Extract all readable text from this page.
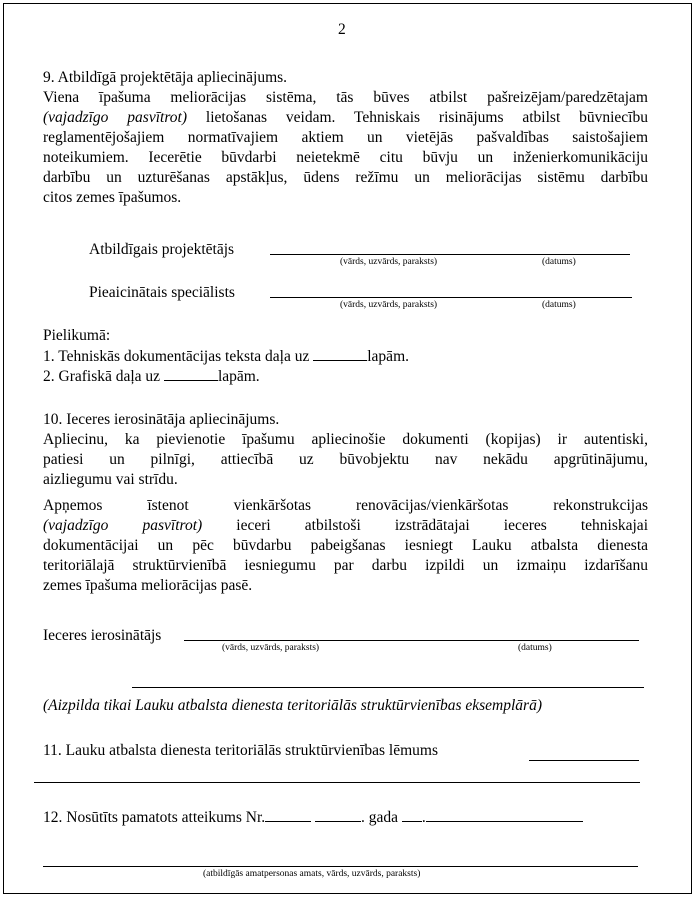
2
9. Atbildīgā projektētāja apliecinājums.
Viena īpašuma meliorācijas sistēma, tās būves atbilst pašreizējam/paredzētajam
(vajadzīgo pasvītrot) lietošanas veidam. Tehniskais risinājums atbilst būvniecību
reglamentējošajiem normatīvajiem aktiem un vietējās pašvaldības saistošajiem
noteikumiem. Iecerētie būvdarbi neietekmē citu būvju un inženierkomunikāciju
darbību un uzturēšanas apstākļus, ūdens režīmu un meliorācijas sistēmu darbību
citos zemes īpašumos.
Atbildīgais projektētājs
(vārds, uzvārds, paraksts)	(datums)
Pieaicinātais speciālists
(vārds, uzvārds, paraksts)	(datums)
Pielikumā:
1. Tehniskās dokumentācijas teksta daļa uz	lapām.
2. Grafiskā daļa uz	lapām.
10. Ieceres ierosinātāja apliecinājums.
Apliecinu, ka pievienotie īpašumu apliecinošie dokumenti (kopijas) ir autentiski,
patiesi un pilnīgi, attiecībā uz būvobjektu nav nekādu apgrūtinājumu,
aizliegumu vai strīdu.
Apņemos īstenot vienkāršotas renovācijas/vienkāršotas rekonstrukcijas
(vajadzīgo pasvītrot) ieceri atbilstoši izstrādātajai ieceres tehniskajai
dokumentācijai un pēc būvdarbu pabeigšanas iesniegt Lauku atbalsta dienesta
teritoriālajā struktūrvienībā iesniegumu par darbu izpildi un izmaiņu izdarīšanu
zemes īpašuma meliorācijas pasē.
Ieceres ierosinātājs
(vārds, uzvārds, paraksts)	(datums)
(Aizpilda tikai Lauku atbalsta dienesta teritoriālās struktūrvienības eksemplārā)
11. Lauku atbalsta dienesta teritoriālās struktūrvienības lēmums
12. Nosūtīts pamatots atteikums Nr.	. gada .
(atbildīgās amatpersonas amats, vārds, uzvārds, paraksts)
